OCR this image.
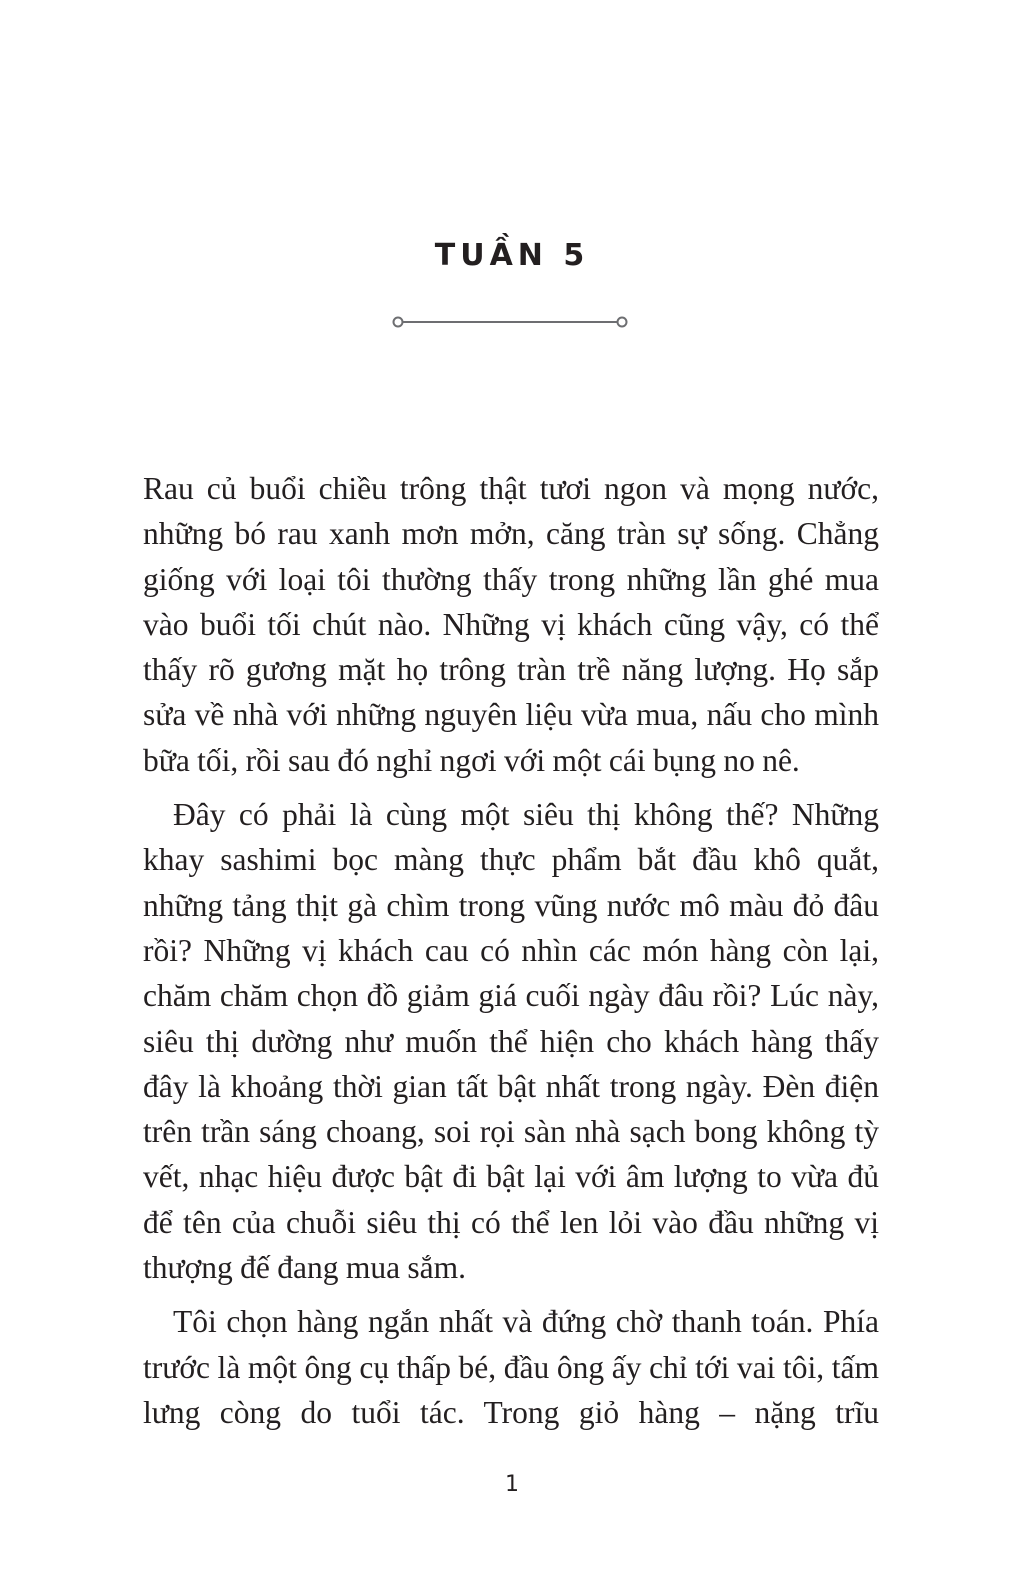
TUẦN 5

Rau củ buổi chiều trông thật tươi ngon và mọng nước, những bó rau xanh mơn mởn, căng tràn sự sống. Chẳng giống với loại tôi thường thấy trong những lần ghé mua vào buổi tối chút nào. Những vị khách cũng vậy, có thể thấy rõ gương mặt họ trông tràn trề năng lượng. Họ sắp sửa về nhà với những nguyên liệu vừa mua, nấu cho mình bữa tối, rồi sau đó nghỉ ngơi với một cái bụng no nê.

Đây có phải là cùng một siêu thị không thế? Những khay sashimi bọc màng thực phẩm bắt đầu khô quắt, những tảng thịt gà chìm trong vũng nước mô màu đỏ đâu rồi? Những vị khách cau có nhìn các món hàng còn lại, chăm chăm chọn đồ giảm giá cuối ngày đâu rồi? Lúc này, siêu thị dường như muốn thể hiện cho khách hàng thấy đây là khoảng thời gian tất bật nhất trong ngày. Đèn điện trên trần sáng choang, soi rọi sàn nhà sạch bong không tỳ vết, nhạc hiệu được bật đi bật lại với âm lượng to vừa đủ để tên của chuỗi siêu thị có thể len lỏi vào đầu những vị thượng đế đang mua sắm.

Tôi chọn hàng ngắn nhất và đứng chờ thanh toán. Phía trước là một ông cụ thấp bé, đầu ông ấy chỉ tới vai tôi, tấm lưng còng do tuổi tác. Trong giỏ hàng – nặng trĩu

1
